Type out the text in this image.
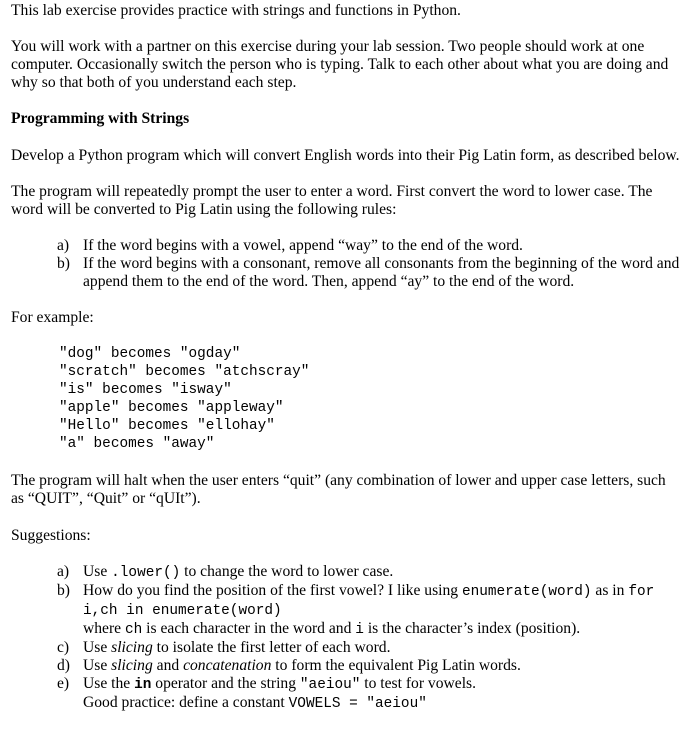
This lab exercise provides practice with strings and functions in Python.

You will work with a partner on this exercise during your lab session. Two people should work at one computer. Occasionally switch the person who is typing. Talk to each other about what you are doing and why so that both of you understand each step.

Programming with Strings

Develop a Python program which will convert English words into their Pig Latin form, as described below.

The program will repeatedly prompt the user to enter a word. First convert the word to lower case. The word will be converted to Pig Latin using the following rules:

a) If the word begins with a vowel, append “way” to the end of the word.
b) If the word begins with a consonant, remove all consonants from the beginning of the word and append them to the end of the word. Then, append “ay” to the end of the word.

For example:

"dog" becomes "ogday"
"scratch" becomes "atchscray"
"is" becomes "isway"
"apple" becomes "appleway"
"Hello" becomes "ellohay"
"a" becomes "away"

The program will halt when the user enters “quit” (any combination of lower and upper case letters, such as “QUIT”, “Quit” or “qUIt”).

Suggestions:

a) Use .lower() to change the word to lower case.
b) How do you find the position of the first vowel? I like using enumerate(word) as in for i,ch in enumerate(word)
where ch is each character in the word and i is the character’s index (position).
c) Use slicing to isolate the first letter of each word.
d) Use slicing and concatenation to form the equivalent Pig Latin words.
e) Use the in operator and the string "aeiou" to test for vowels.
Good practice: define a constant VOWELS = "aeiou"
